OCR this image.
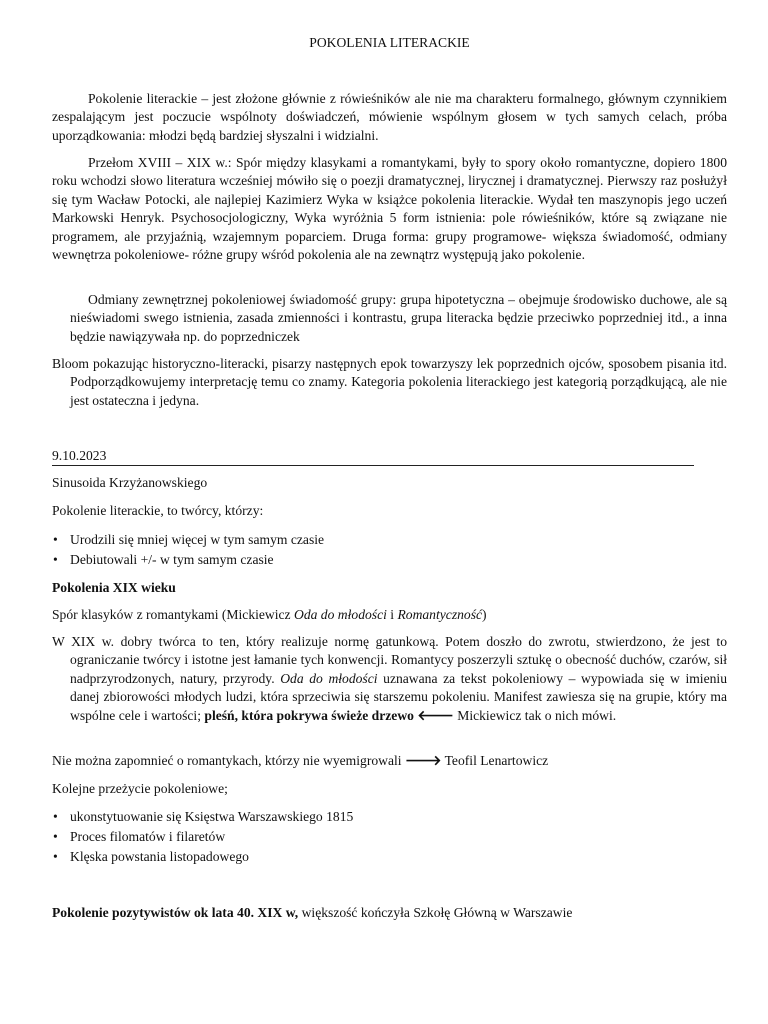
POKOLENIA LITERACKIE

Pokolenie literackie – jest złożone głównie z rówieśników ale nie ma charakteru formalnego, głównym czynnikiem zespalającym jest poczucie wspólnoty doświadczeń, mówienie wspólnym głosem w tych samych celach, próba uporządkowania: młodzi będą bardziej słyszalni i widzialni.

Przełom XVIII – XIX w.: Spór między klasykami a romantykami, były to spory około romantyczne, dopiero 1800 roku wchodzi słowo literatura wcześniej mówiło się o poezji dramatycznej, lirycznej i dramatycznej. Pierwszy raz posłużył się tym Wacław Potocki, ale najlepiej Kazimierz Wyka w książce pokolenia literackie. Wydał ten maszynopis jego uczeń Markowski Henryk. Psychosocjologiczny, Wyka wyróżnia 5 form istnienia: pole rówieśników, które są związane nie programem, ale przyjaźnią, wzajemnym poparciem. Druga forma: grupy programowe- większa świadomość, odmiany wewnętrza pokoleniowe- różne grupy wśród pokolenia ale na zewnątrz występują jako pokolenie.

Odmiany zewnętrznej pokoleniowej świadomość grupy: grupa hipotetyczna – obejmuje środowisko duchowe, ale są nieświadomi swego istnienia, zasada zmienności i kontrastu, grupa literacka będzie przeciwko poprzedniej itd., a inna będzie nawiązywała np. do poprzedniczek

Bloom pokazując historyczno-literacki, pisarzy następnych epok towarzyszy lek poprzednich ojców, sposobem pisania itd. Podporządkowujemy interpretację temu co znamy. Kategoria pokolenia literackiego jest kategorią porządkującą, ale nie jest ostateczna i jedyna.

9.10.2023

Sinusoida Krzyżanowskiego

Pokolenie literackie, to twórcy, którzy:

• Urodzili się mniej więcej w tym samym czasie
• Debiutowali +/- w tym samym czasie

Pokolenia XIX wieku

Spór klasyków z romantykami (Mickiewicz Oda do młodości i Romantyczność)

W XIX w. dobry twórca to ten, który realizuje normę gatunkową. Potem doszło do zwrotu, stwierdzono, że jest to ograniczanie twórcy i istotne jest łamanie tych konwencji. Romantycy poszerzyli sztukę o obecność duchów, czarów, sił nadprzyrodzonych, natury, przyrody. Oda do młodości uznawana za tekst pokoleniowy – wypowiada się w imieniu danej zbiorowości młodych ludzi, która sprzeciwia się starszemu pokoleniu. Manifest zawiesza się na grupie, który ma wspólne cele i wartości; pleśń, która pokrywa świeże drzewo 🡐 Mickiewicz tak o nich mówi.

Nie można zapomnieć o romantykach, którzy nie wyemigrowali 🡒 Teofil Lenartowicz

Kolejne przeżycie pokoleniowe;

• ukonstytuowanie się Księstwa Warszawskiego 1815
• Proces filomatów i filaretów
• Klęska powstania listopadowego

Pokolenie pozytywistów ok lata 40. XIX w, większość kończyła Szkołę Główną w Warszawie
